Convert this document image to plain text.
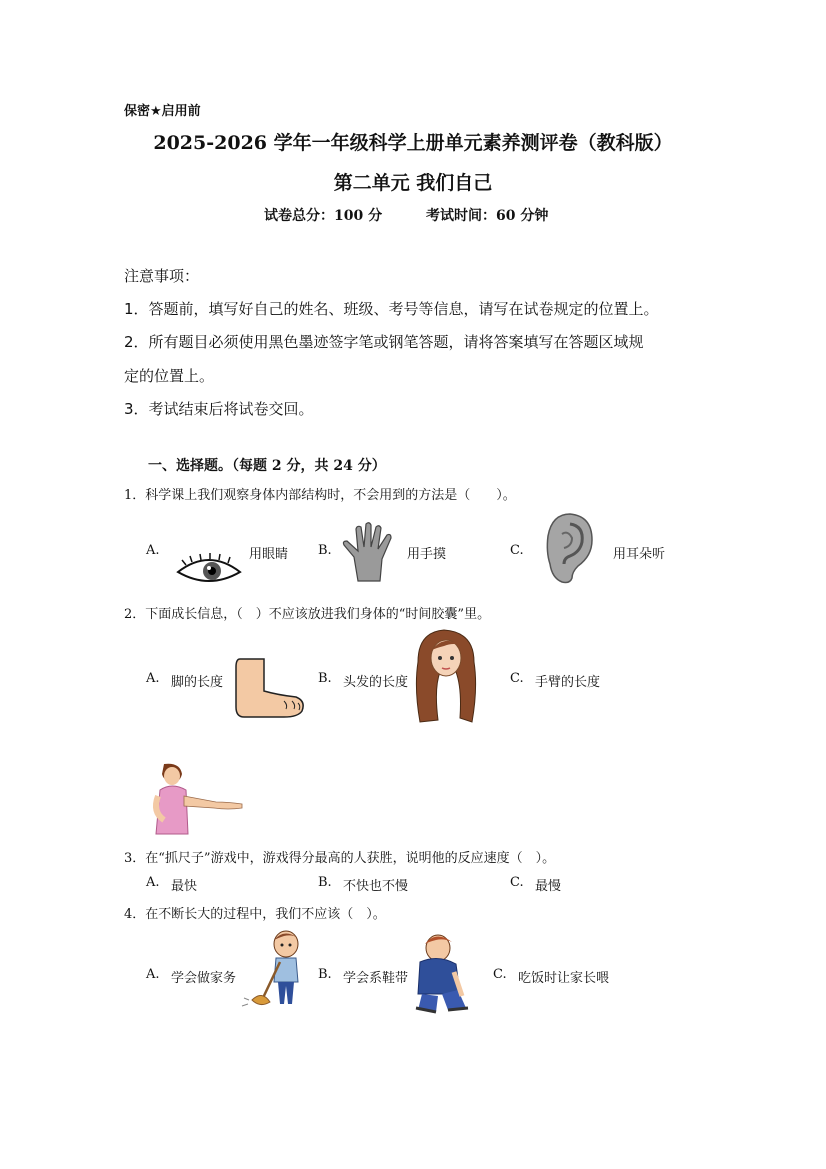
保密★启用前
2025-2026 学年一年级科学上册单元素养测评卷（教科版）
第二单元 我们自己
试卷总分：100 分	考试时间：60 分钟
注意事项：
1．答题前，填写好自己的姓名、班级、考号等信息，请写在试卷规定的位置上。
2．所有题目必须使用黑色墨迹签字笔或钢笔答题，请将答案填写在答题区域规
定的位置上。
3．考试结束后将试卷交回。
一、选择题。（每题 2 分，共 24 分）
1．科学课上我们观察身体内部结构时，不会用到的方法是（　　）。
A.	用眼睛 B.	用手摸	C.	用耳朵听
2．下面成长信息，（　）不应该放进我们身体的“时间胶囊”里。
A. 脚的长度	B. 头发的长度	C. 手臂的长度
3．在“抓尺子”游戏中，游戏得分最高的人获胜，说明他的反应速度（　）。
A. 最快	B. 不快也不慢	C. 最慢
4．在不断长大的过程中，我们不应该（　）。
A. 学会做家务	B. 学会系鞋带	C. 吃饭时让家长喂
